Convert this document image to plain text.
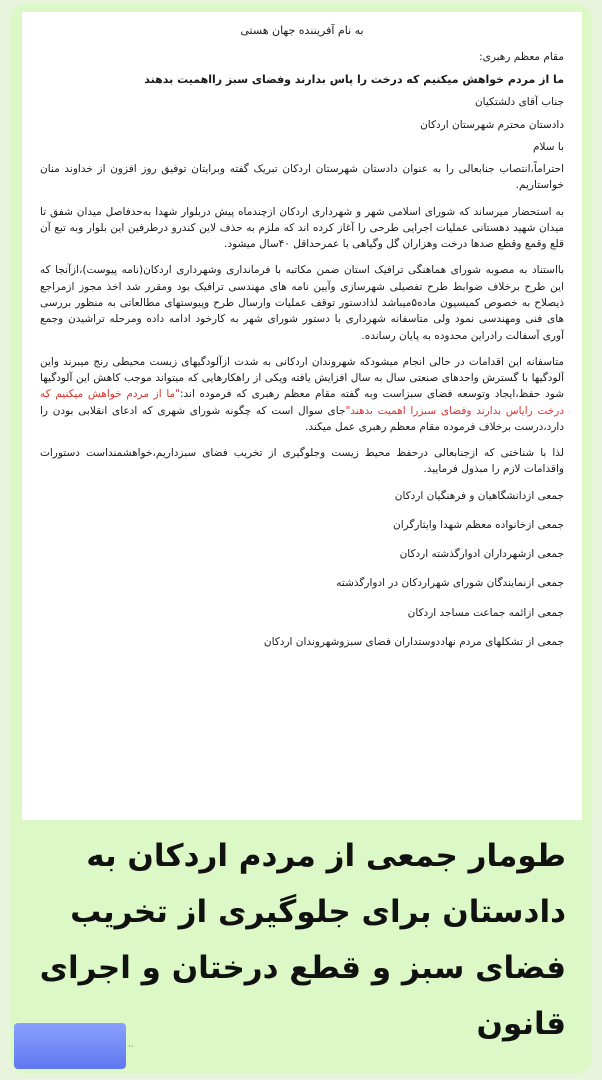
به نام آفریننده جهان هستی
مقام معظم رهبری:
ما از مردم خواهش میکنیم که درخت را پاس بدارند وفضای سبز رااهمیت بدهند
جناب آقای دلشتکیان
دادستان محترم شهرستان اردکان
با سلام

احتراماً،انتصاب جنابعالی را به عنوان دادستان شهرستان اردکان تبریک گفته وبرایتان توفیق روز افزون از خداوند منان خواستاریم.

به استحضار میرساند که شورای اسلامی شهر و شهرداری اردکان ازچندماه پیش دربلوار شهدا به‌حدفاصل میدان شفق تا میدان شهید دهستانی عملیات اجرایی طرحی را آغاز کرده اند که ملزم به حذف لاین کندرو درطرفین این بلوار وبه تبع آن قلع وقمع وقطع صدها درخت وهزاران گل وگیاهی با عمرحداقل ۴۰سال میشود.

بااستناد به مصوبه شورای هماهنگی ترافیک استان ضمن مکاتبه با فرمانداری وشهرداری اردکان(نامه پیوست)،ازآنجا که این طرح برخلاف ضوابط طرح تفصیلی شهرسازی وآیین نامه های مهندسی ترافیک بود ومقرر شد اخذ مجوز ازمراجع ذیصلاح به خصوص کمیسیون ماده۵میباشد لذادستور توقف عملیات وارسال طرح وپیوستهای مطالعاتی به منظور بررسی های فنی ومهندسی نمود ولی متاسفانه شهرداری با دستور شورای شهر به کارخود ادامه داده ومرحله تراشیدن وجمع آوری آسفالت رادراین محدوده به پایان رسانده.

متاسفانه این اقدامات در حالی انجام میشودکه شهروندان اردکانی به شدت ازآلودگیهای زیست محیطی رنج میبرند واین آلودگیها با گسترش واحدهای صنعتی سال به سال افزایش یافته ویکی از راهکارهایی که میتواند موجب کاهش این آلودگیها شود حفظ،ایجاد وتوسعه فضای سبزاست وبه گفته مقام معظم رهبری که فرموده اند:"ما از مردم خواهش میکنیم که درخت رایاس بدارند وفضای سبزرا اهمیت بدهند"جای سوال است که چگونه شورای شهری که ادعای انقلابی بودن را دارد،درست برخلاف فرموده مقام معظم رهبری عمل میکند.

لذا با شناختی که ازجنابعالی درحفظ محیط زیست وجلوگیری از تخریب فضای سبزداریم،خواهشمنداست دستورات واقدامات لازم را مبذول فرمایید.

جمعی ازدانشگاهیان و فرهنگیان اردکان
جمعی ازخانواده معظم شهدا وایثارگران
جمعی ازشهرداران ادوارگذشته اردکان
جمعی ازنمایندگان شورای شهراردکان در ادوارگذشته
جمعی ازائمه جماعت مساجد اردکان
جمعی از تشکلهای مردم نهاددوستداران فضای سبزوشهروندان اردکان
طومار جمعی از مردم اردکان به دادستان برای جلوگیری از تخریب فضای سبز و قطع درختان و اجرای قانون
··
